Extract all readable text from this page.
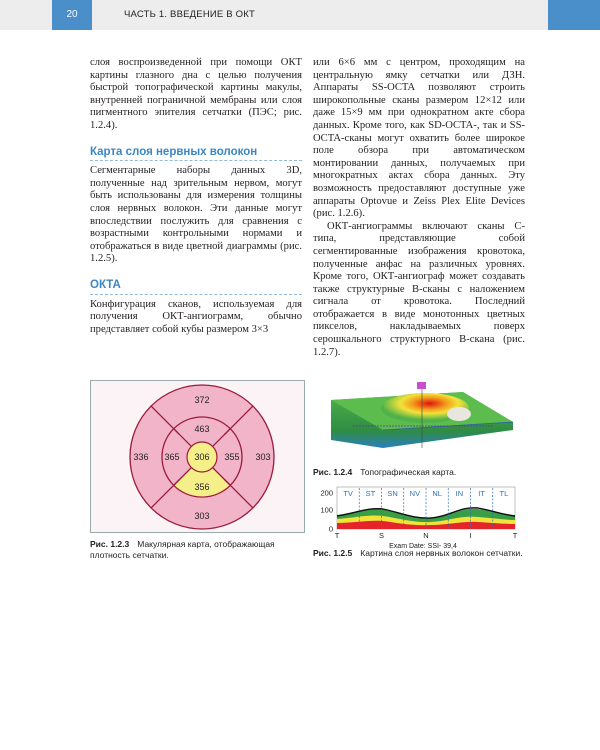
20	ЧАСТЬ 1. ВВЕДЕНИЕ В ОКТ

слоя воспроизведенной при помощи ОКТ картины глазного дна с целью получения быстрой топографической картины макулы, внутренней пограничной мембраны или слоя пигментного эпителия сетчатки (ПЭС; рис. 1.2.4).

Карта слоя нервных волокон

Сегментарные наборы данных 3D, полученные над зрительным нервом, могут быть использованы для измерения толщины слоя нервных волокон. Эти данные могут впоследствии послужить для сравнения с возрастными контрольными нормами и отображаться в виде цветной диаграммы (рис. 1.2.5).

ОКТА

Конфигурация сканов, используемая для получения ОКТ-ангиограмм, обычно представляет собой кубы размером 3×3

или 6×6 мм с центром, проходящим на центральную ямку сетчатки или ДЗН. Аппараты SS-OCTA позволяют строить широкопольные сканы размером 12×12 или даже 15×9 мм при однократном акте сбора данных. Кроме того, как SD-OCTA-, так и SS-OCTA-сканы могут охватить более широкое поле обзора при автоматическом монтировании данных, получаемых при многократных актах сбора данных. Эту возможность предоставляют доступные уже аппараты Optovue и Zeiss Plex Elite Devices (рис. 1.2.6).

ОКТ-ангиограммы включают сканы С-типа, представляющие собой сегментированные изображения кровотока, полученные анфас на различных уровнях. Кроме того, ОКТ-ангиограф может создавать также структурные B-сканы с наложением сигнала от кровотока. Последний отображается в виде монотонных цветных пикселов, накладываемых поверх серошкального структурного B-скана (рис. 1.2.7).

372
463
336 365 306 355 303
356
303
Рис. 1.2.3 Макулярная карта, отображающая плотность сетчатки.
Рис. 1.2.4 Топографическая карта.
TV ST SN NV NL IN IT TL
200
100
0
T	S	N	I	T
Exam Date: SSI- 39,4
Рис. 1.2.5 Картина слоя нервных волокон сетчатки.
